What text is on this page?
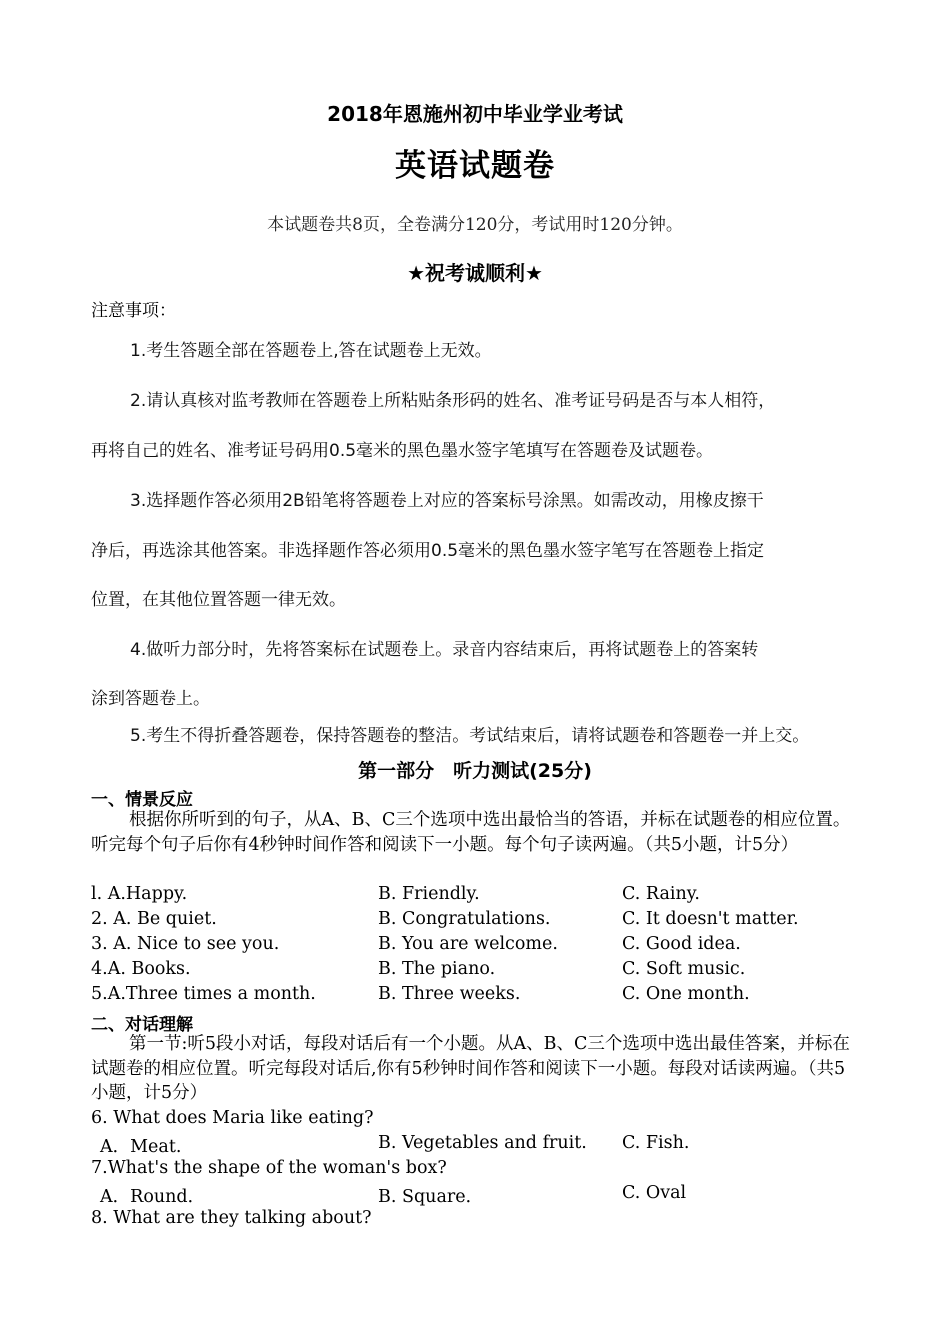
2018年恩施州初中毕业学业考试
英语试题卷
本试题卷共8页，全卷满分120分，考试用时120分钟。
★祝考诚顺利★
注意事项：
1.考生答题全部在答题卷上,答在试题卷上无效。
2.请认真核对监考教师在答题卷上所粘贴条形码的姓名、准考证号码是否与本人相符，
再将自己的姓名、准考证号码用0.5毫米的黑色墨水签字笔填写在答题卷及试题卷。
3.选择题作答必须用2B铅笔将答题卷上对应的答案标号涂黑。如需改动，用橡皮擦干
净后，再选涂其他答案。非选择题作答必须用0.5毫米的黑色墨水签字笔写在答题卷上指定
位置，在其他位置答题一律无效。
4.做听力部分时，先将答案标在试题卷上。录音内容结束后，再将试题卷上的答案转
涂到答题卷上。
5.考生不得折叠答题卷，保持答题卷的整洁。考试结束后，请将试题卷和答题卷一并上交。
第一部分　听力测试(25分)
一、情景反应
根据你所听到的句子，从A、B、C三个选项中选出最恰当的答语，并标在试题卷的相应位置。听完每个句子后你有4秒钟时间作答和阅读下一小题。每个句子读两遍。（共5小题，计5分）
l. A.Happy.	B. Friendly.	C. Rainy.
2. A. Be quiet.	B. Congratulations.	C. It doesn't matter.
3. A. Nice to see you.	B. You are welcome.	C. Good idea.
4.A. Books.	B. The piano.	C. Soft music.
5.A.Three times a month.	B. Three weeks.	C. One month.
二、对话理解
第一节:听5段小对话，每段对话后有一个小题。从A、B、C三个选项中选出最佳答案，并标在试题卷的相应位置。听完每段对话后,你有5秒钟时间作答和阅读下一小题。每段对话读两遍。（共5小题，计5分）
6. What does Maria like eating?
A．Meat.	B. Vegetables and fruit. C. Fish.
7.What's the shape of the woman's box?
A．Round．	B. Square．	C. Oval
8. What are they talking about?
